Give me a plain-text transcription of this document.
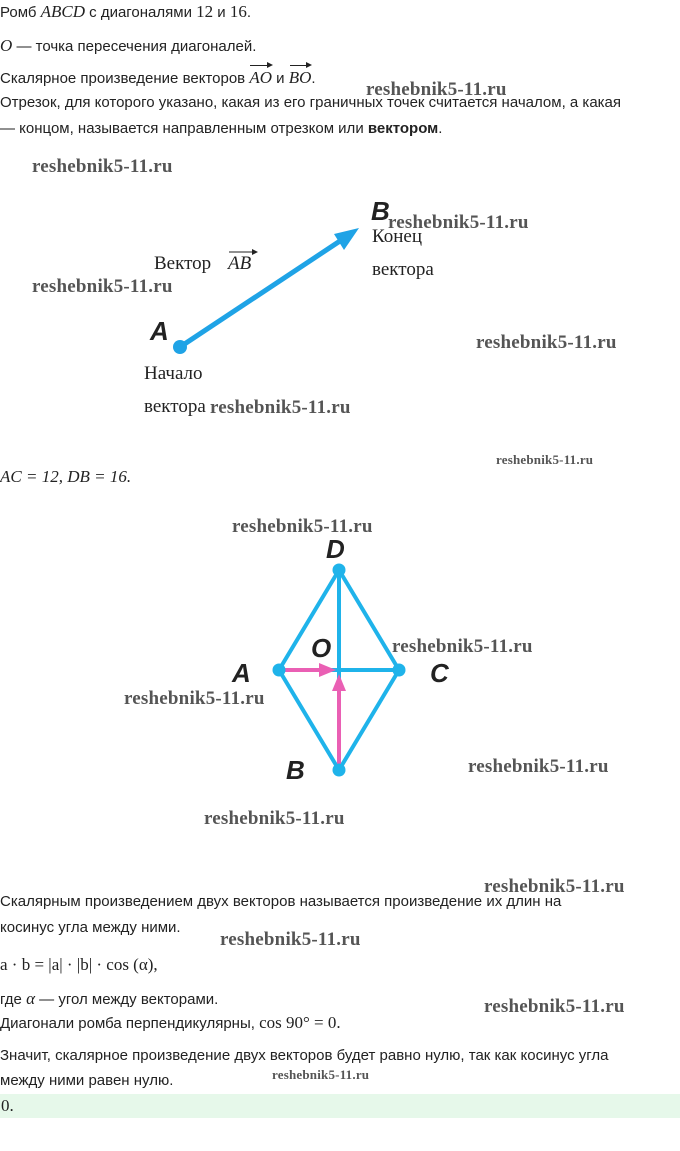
Ромб ABCD с диагоналями 12 и 16.
O — точка пересечения диагоналей.
Скалярное произведение векторов AO и BO.
Отрезок, для которого указано, какая из его граничных точек считается началом, а какая
— концом, называется направленным отрезком или вектором.
A
B
Вектор AB
Начало
вектора
Конец
вектора
AC = 12, DB = 16.
D
C
B
A
O
Скалярным произведением двух векторов называется произведение их длин на
косинус угла между ними.
a · b = |a| · |b| · cos (α),
где α — угол между векторами.
Диагонали ромба перпендикулярны, cos 90° = 0.
Значит, скалярное произведение двух векторов будет равно нулю, так как косинус угла
между ними равен нулю.
0.
reshebnik5-11.ru
reshebnik5-11.ru
reshebnik5-11.ru
reshebnik5-11.ru
reshebnik5-11.ru
reshebnik5-11.ru
reshebnik5-11.ru
reshebnik5-11.ru
reshebnik5-11.ru
reshebnik5-11.ru
reshebnik5-11.ru
reshebnik5-11.ru
reshebnik5-11.ru
reshebnik5-11.ru
reshebnik5-11.ru
reshebnik5-11.ru
